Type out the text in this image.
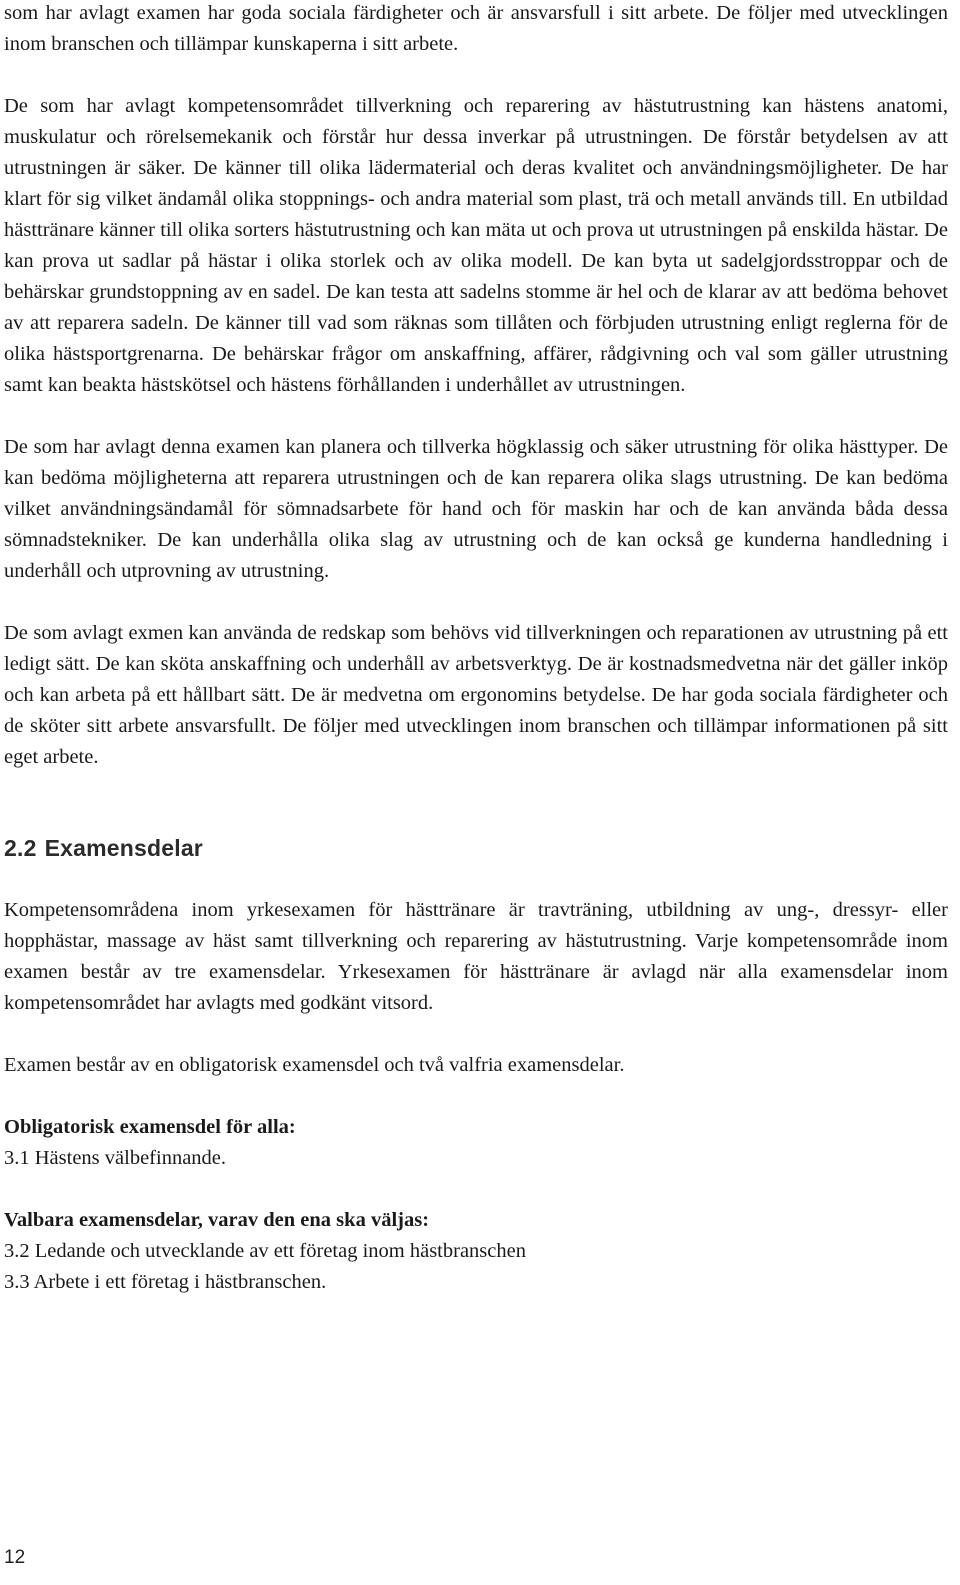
som har avlagt examen har goda sociala färdigheter och är ansvarsfull i sitt arbete. De följer med utvecklingen inom branschen och tillämpar kunskaperna i sitt arbete.

De som har avlagt kompetensområdet tillverkning och reparering av hästutrustning kan hästens anatomi, muskulatur och rörelsemekanik och förstår hur dessa inverkar på utrustningen. De förstår betydelsen av att utrustningen är säker. De känner till olika lädermaterial och deras kvalitet och användningsmöjligheter. De har klart för sig vilket ändamål olika stoppnings- och andra material som plast, trä och metall används till. En utbildad hästtränare känner till olika sorters hästutrustning och kan mäta ut och prova ut utrustningen på enskilda hästar. De kan prova ut sadlar på hästar i olika storlek och av olika modell. De kan byta ut sadelgjordsstroppar och de behärskar grundstoppning av en sadel. De kan testa att sadelns stomme är hel och de klarar av att bedöma behovet av att reparera sadeln. De känner till vad som räknas som tillåten och förbjuden utrustning enligt reglerna för de olika hästsportgrenarna. De behärskar frågor om anskaffning, affärer, rådgivning och val som gäller utrustning samt kan beakta hästskötsel och hästens förhållanden i underhållet av utrustningen.

De som har avlagt denna examen kan planera och tillverka högklassig och säker utrustning för olika hästtyper. De kan bedöma möjligheterna att reparera utrustningen och de kan reparera olika slags utrustning. De kan bedöma vilket användningsändamål för sömnadsarbete för hand och för maskin har och de kan använda båda dessa sömnadstekniker. De kan underhålla olika slag av utrustning och de kan också ge kunderna handledning i underhåll och utprovning av utrustning.

De som avlagt exmen kan använda de redskap som behövs vid tillverkningen och reparationen av utrustning på ett ledigt sätt. De kan sköta anskaffning och underhåll av arbetsverktyg. De är kostnadsmedvetna när det gäller inköp och kan arbeta på ett hållbart sätt. De är medvetna om ergonomins betydelse. De har goda sociala färdigheter och de sköter sitt arbete ansvarsfullt. De följer med utvecklingen inom branschen och tillämpar informationen på sitt eget arbete.

2.2 Examensdelar

Kompetensområdena inom yrkesexamen för hästtränare är travträning, utbildning av ung-, dressyr- eller hopphästar, massage av häst samt tillverkning och reparering av hästutrustning. Varje kompetensområde inom examen består av tre examensdelar. Yrkesexamen för hästtränare är avlagd när alla examensdelar inom kompetensområdet har avlagts med godkänt vitsord.

Examen består av en obligatorisk examensdel och två valfria examensdelar.

Obligatorisk examensdel för alla:

3.1 Hästens välbefinnande.

Valbara examensdelar, varav den ena ska väljas:

3.2 Ledande och utvecklande av ett företag inom hästbranschen

3.3 Arbete i ett företag i hästbranschen.

12
